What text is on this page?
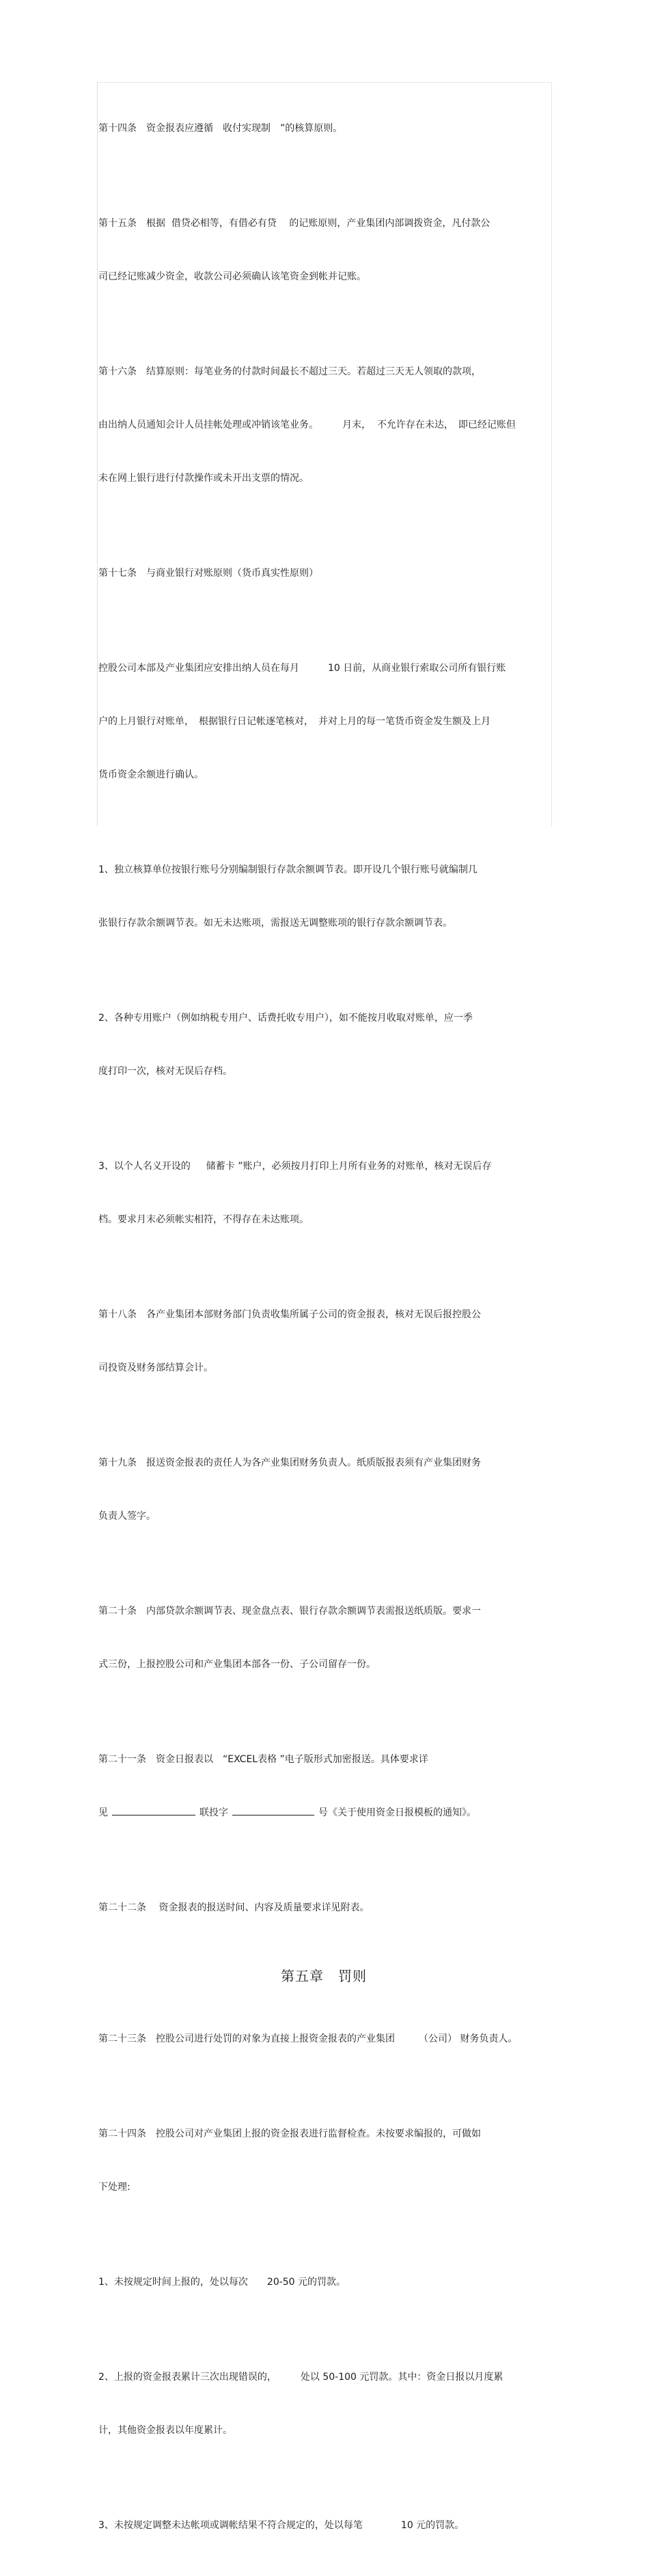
第十四条　资金报表应遵循　收付实现制　”的核算原则。

第十五条　根据  借贷必相等，有借必有贷　 的记账原则，产业集团内部调拨资金，凡付款公

司已经记账减少资金，收款公司必须确认该笔资金到帐并记账。

第十六条　结算原则：每笔业务的付款时间最长不超过三天。若超过三天无人领取的款项，

由出纳人员通知会计人员挂帐处理或冲销该笔业务。　　　月末，  不允许存在未达，　即已经记账但

未在网上银行进行付款操作或未开出支票的情况。

第十七条　与商业银行对账原则（货币真实性原则）

控股公司本部及产业集团应安排出纳人员在每月　　　10 日前，从商业银行索取公司所有银行账

户的上月银行对账单，　根据银行日记帐逐笔核对，　并对上月的每一笔货币资金发生额及上月

货币资金余额进行确认。

1、独立核算单位按银行账号分别编制银行存款余额调节表。即开设几个银行账号就编制几

张银行存款余额调节表。如无未达账项，需报送无调整账项的银行存款余额调节表。

2、各种专用账户（例如纳税专用户、话费托收专用户），如不能按月收取对账单，应一季

度打印一次，核对无误后存档。

3、以个人名义开设的　  储蓄卡 ”账户，必须按月打印上月所有业务的对账单，核对无误后存

档。要求月末必须帐实相符，不得存在未达账项。

第十八条　各产业集团本部财务部门负责收集所属子公司的资金报表，核对无误后报控股公

司投资及财务部结算会计。

第十九条　报送资金报表的责任人为各产业集团财务负责人。纸质版报表须有产业集团财务

负责人签字。

第二十条　内部贷款余额调节表、现金盘点表、银行存款余额调节表需报送纸质版。要求一

式三份，上报控股公司和产业集团本部各一份、子公司留存一份。

第二十一条　资金日报表以　“EXCEL表格 ”电子版形式加密报送。具体要求详

见	联投字	号《关于使用资金日报模板的通知》。

第二十二条　 资金报表的报送时间、内容及质量要求详见附表。

第五章　罚则

第二十三条　控股公司进行处罚的对象为直接上报资金报表的产业集团　　　（公司） 财务负责人。

第二十四条　控股公司对产业集团上报的资金报表进行监督检查。未按要求编报的，可做如

下处理:

1、未按规定时间上报的，处以每次　　20-50 元的罚款。

2、上报的资金报表累计三次出现错误的，　　　处以 50-100 元罚款。其中：资金日报以月度累

计，其他资金报表以年度累计。

3、未按规定调整未达帐项或调帐结果不符合规定的，处以每笔　　　　10 元的罚款。
